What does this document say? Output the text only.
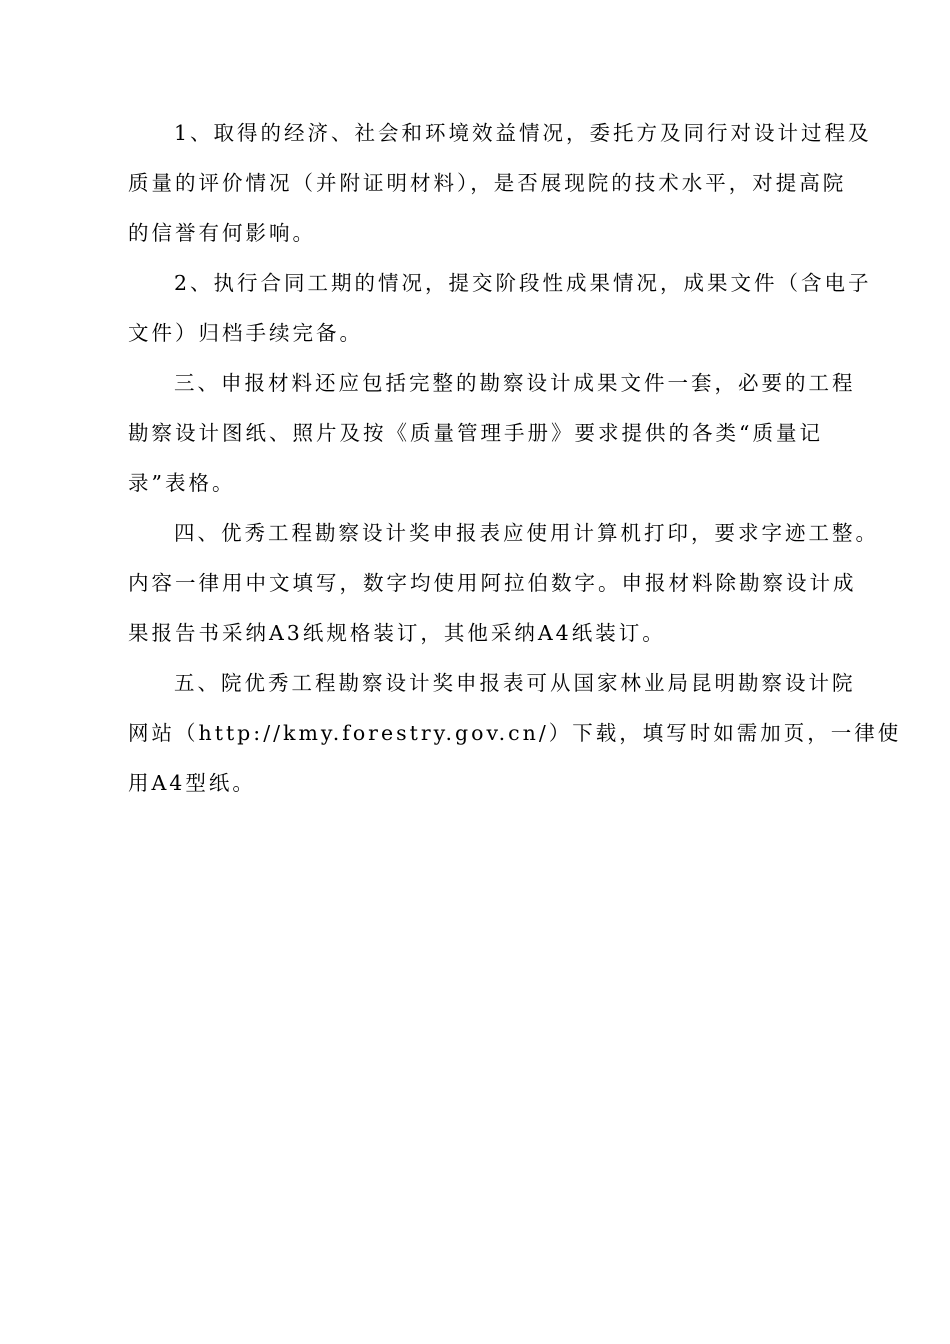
1、取得的经济、社会和环境效益情况，委托方及同行对设计过程及
质量的评价情况（并附证明材料），是否展现院的技术水平，对提高院
的信誉有何影响。
2、执行合同工期的情况，提交阶段性成果情况，成果文件（含电子
文件）归档手续完备。
三、申报材料还应包括完整的勘察设计成果文件一套，必要的工程
勘察设计图纸、照片及按《质量管理手册》要求提供的各类“质量记
录”表格。
四、优秀工程勘察设计奖申报表应使用计算机打印，要求字迹工整。
内容一律用中文填写，数字均使用阿拉伯数字。申报材料除勘察设计成
果报告书采纳A3纸规格装订，其他采纳A4纸装订。
五、院优秀工程勘察设计奖申报表可从国家林业局昆明勘察设计院
网站（http://kmy.forestry.gov.cn/）下载，填写时如需加页，一律使
用A4型纸。
